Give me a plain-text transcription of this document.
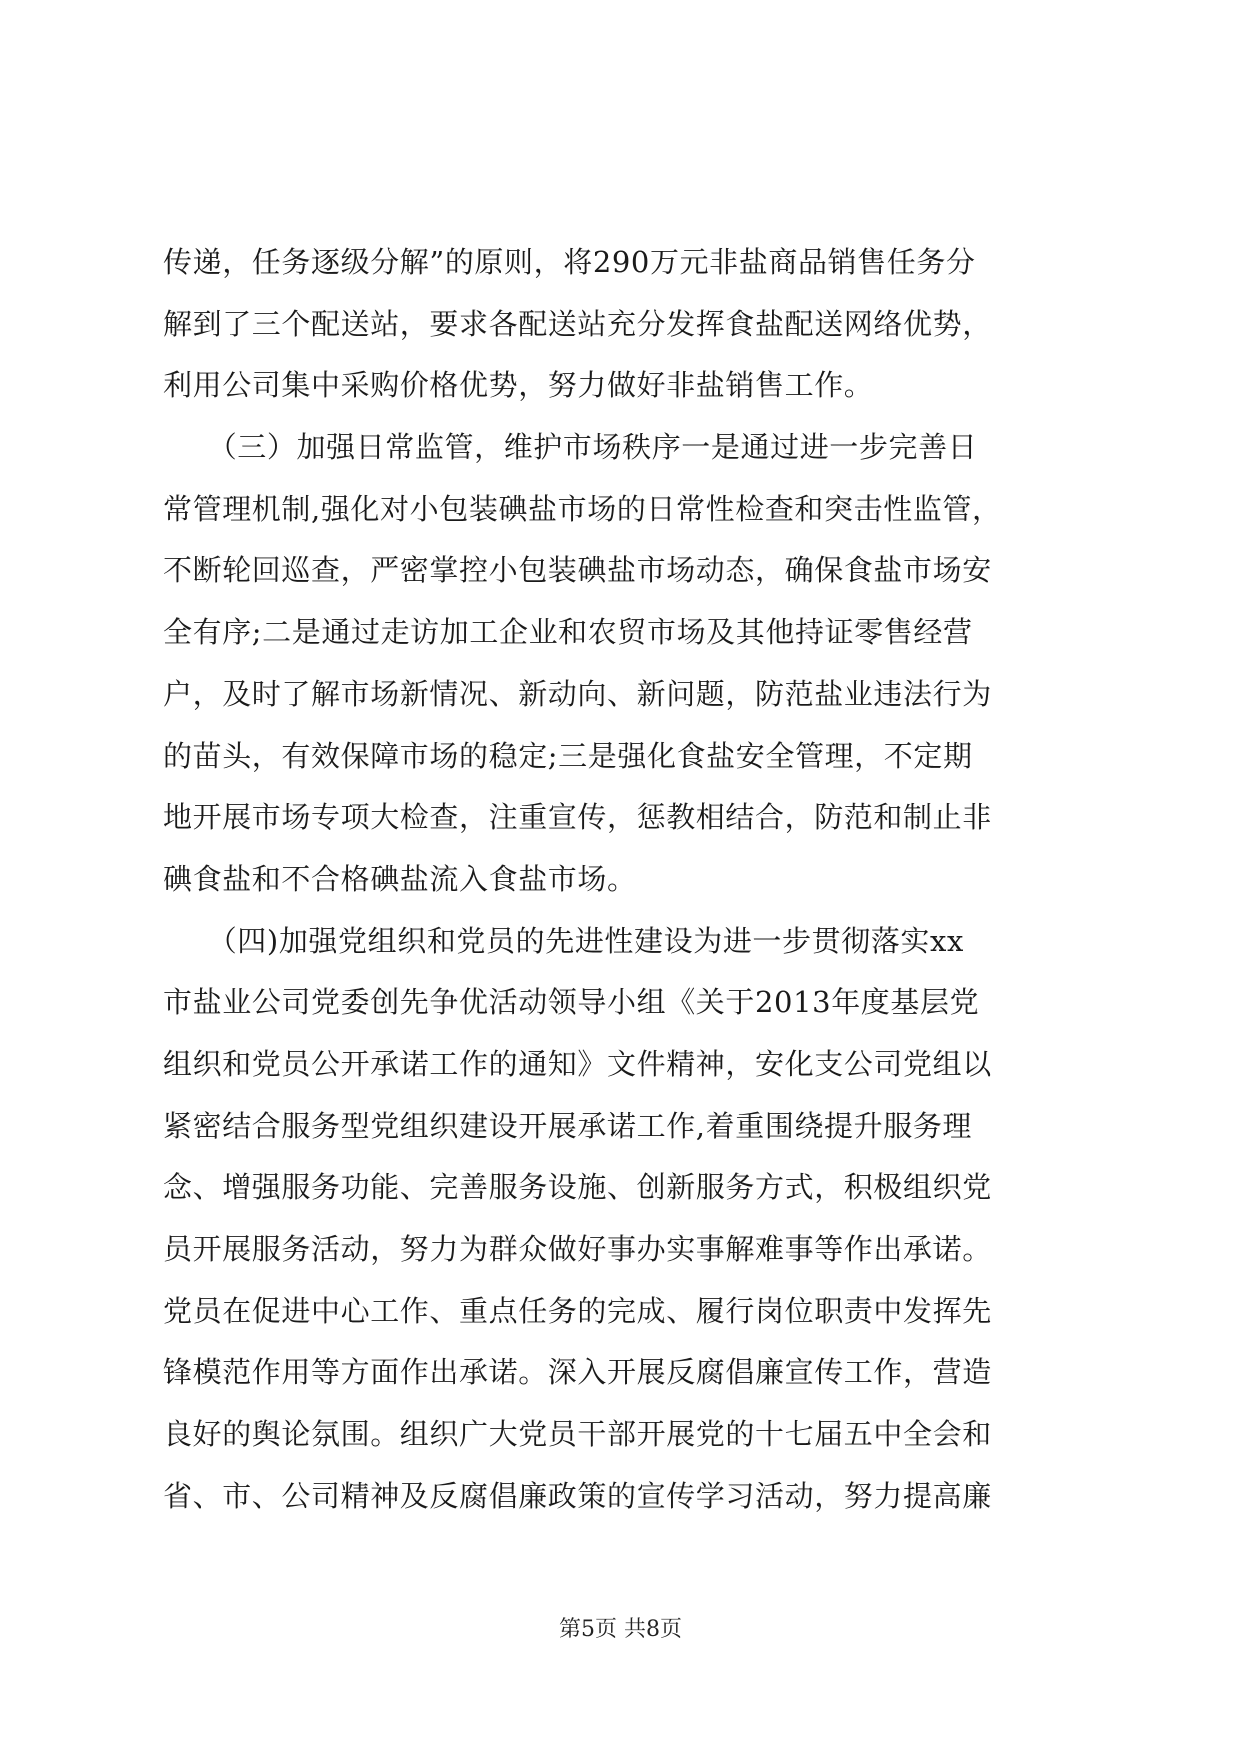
传递，任务逐级分解”的原则，将290万元非盐商品销售任务分
解到了三个配送站，要求各配送站充分发挥食盐配送网络优势，
利用公司集中采购价格优势，努力做好非盐销售工作。
　　（三）加强日常监管，维护市场秩序一是通过进一步完善日
常管理机制,强化对小包装碘盐市场的日常性检查和突击性监管，
不断轮回巡查，严密掌控小包装碘盐市场动态，确保食盐市场安
全有序;二是通过走访加工企业和农贸市场及其他持证零售经营
户，及时了解市场新情况、新动向、新问题，防范盐业违法行为
的苗头，有效保障市场的稳定;三是强化食盐安全管理，不定期
地开展市场专项大检查，注重宣传，惩教相结合，防范和制止非
碘食盐和不合格碘盐流入食盐市场。
　　（四)加强党组织和党员的先进性建设为进一步贯彻落实xx
市盐业公司党委创先争优活动领导小组《关于2013年度基层党
组织和党员公开承诺工作的通知》文件精神，安化支公司党组以
紧密结合服务型党组织建设开展承诺工作,着重围绕提升服务理
念、增强服务功能、完善服务设施、创新服务方式，积极组织党
员开展服务活动，努力为群众做好事办实事解难事等作出承诺。
党员在促进中心工作、重点任务的完成、履行岗位职责中发挥先
锋模范作用等方面作出承诺。深入开展反腐倡廉宣传工作，营造
良好的舆论氛围。组织广大党员干部开展党的十七届五中全会和
省、市、公司精神及反腐倡廉政策的宣传学习活动，努力提高廉
第5页 共8页
